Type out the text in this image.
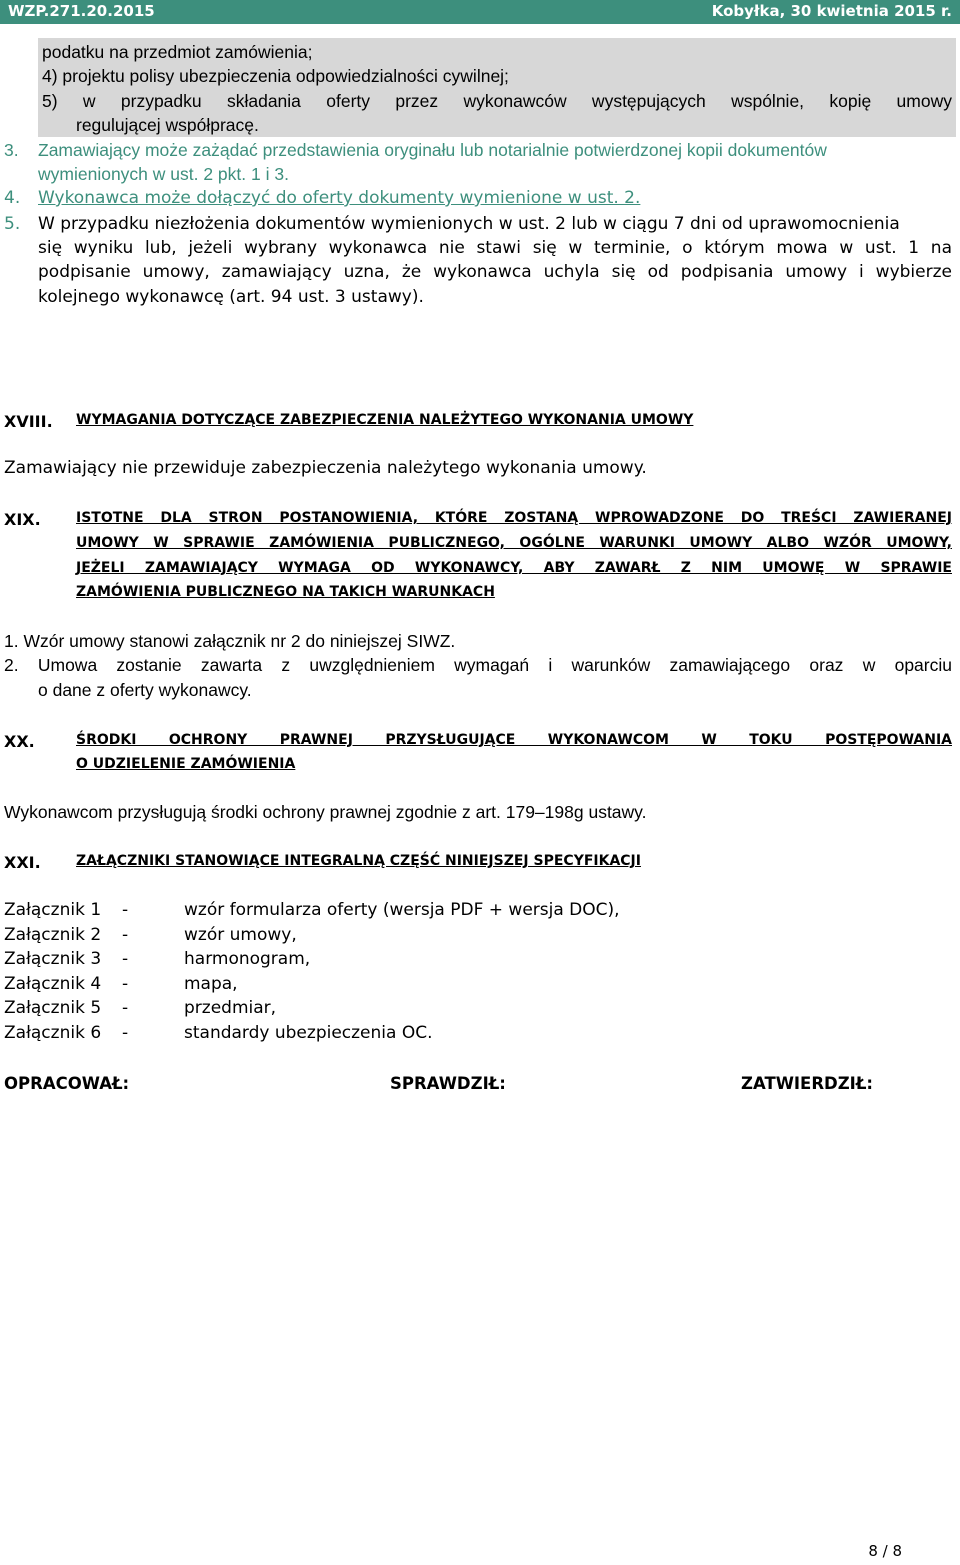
WZP.271.20.2015	Kobyłka, 30 kwietnia 2015 r.
podatku na przedmiot zamówienia;
4) projektu polisy ubezpieczenia odpowiedzialności cywilnej;
5) w przypadku składania oferty przez wykonawców występujących wspólnie, kopię umowy
regulującej współpracę.
3. Zamawiający może zażądać przedstawienia oryginału lub notarialnie potwierdzonej kopii dokumentów
wymienionych w ust. 2 pkt. 1 i 3.
4. Wykonawca może dołączyć do oferty dokumenty wymienione w ust. 2.
5. W przypadku niezłożenia dokumentów wymienionych w ust. 2 lub w ciągu 7 dni od uprawomocnienia
się wyniku lub, jeżeli wybrany wykonawca nie stawi się w terminie, o którym mowa w ust. 1 na
podpisanie umowy, zamawiający uzna, że wykonawca uchyla się od podpisania umowy i wybierze
kolejnego wykonawcę (art. 94 ust. 3 ustawy).
XVIII. WYMAGANIA DOTYCZĄCE ZABEZPIECZENIA NALEŻYTEGO WYKONANIA UMOWY
Zamawiający nie przewiduje zabezpieczenia należytego wykonania umowy.
XIX.	ISTOTNE DLA STRON POSTANOWIENIA, KTÓRE ZOSTANĄ WPROWADZONE DO TREŚCI ZAWIERANEJ
UMOWY W SPRAWIE ZAMÓWIENIA PUBLICZNEGO, OGÓLNE WARUNKI UMOWY ALBO WZÓR UMOWY,
JEŻELI ZAMAWIAJĄCY WYMAGA OD WYKONAWCY, ABY ZAWARŁ Z NIM UMOWĘ W SPRAWIE
ZAMÓWIENIA PUBLICZNEGO NA TAKICH WARUNKACH
1. Wzór umowy stanowi załącznik nr 2 do niniejszej SIWZ.
2. Umowa zostanie zawarta z uwzględnieniem wymagań i warunków zamawiającego oraz w oparciu
o dane z oferty wykonawcy.
XX.	ŚRODKI OCHRONY PRAWNEJ PRZYSŁUGUJĄCE WYKONAWCOM W TOKU POSTĘPOWANIA
O UDZIELENIE ZAMÓWIENIA
Wykonawcom przysługują środki ochrony prawnej zgodnie z art. 179–198g ustawy.
XXI.	ZAŁĄCZNIKI STANOWIĄCE INTEGRALNĄ CZĘŚĆ NINIEJSZEJ SPECYFIKACJI
Załącznik 1 -	wzór formularza oferty (wersja PDF + wersja DOC),
Załącznik 2 -	wzór umowy,
Załącznik 3 -	harmonogram,
Załącznik 4 -	mapa,
Załącznik 5 -	przedmiar,
Załącznik 6 -	standardy ubezpieczenia OC.
OPRACOWAŁ:	SPRAWDZIŁ:	ZATWIERDZIŁ:
8 / 8
